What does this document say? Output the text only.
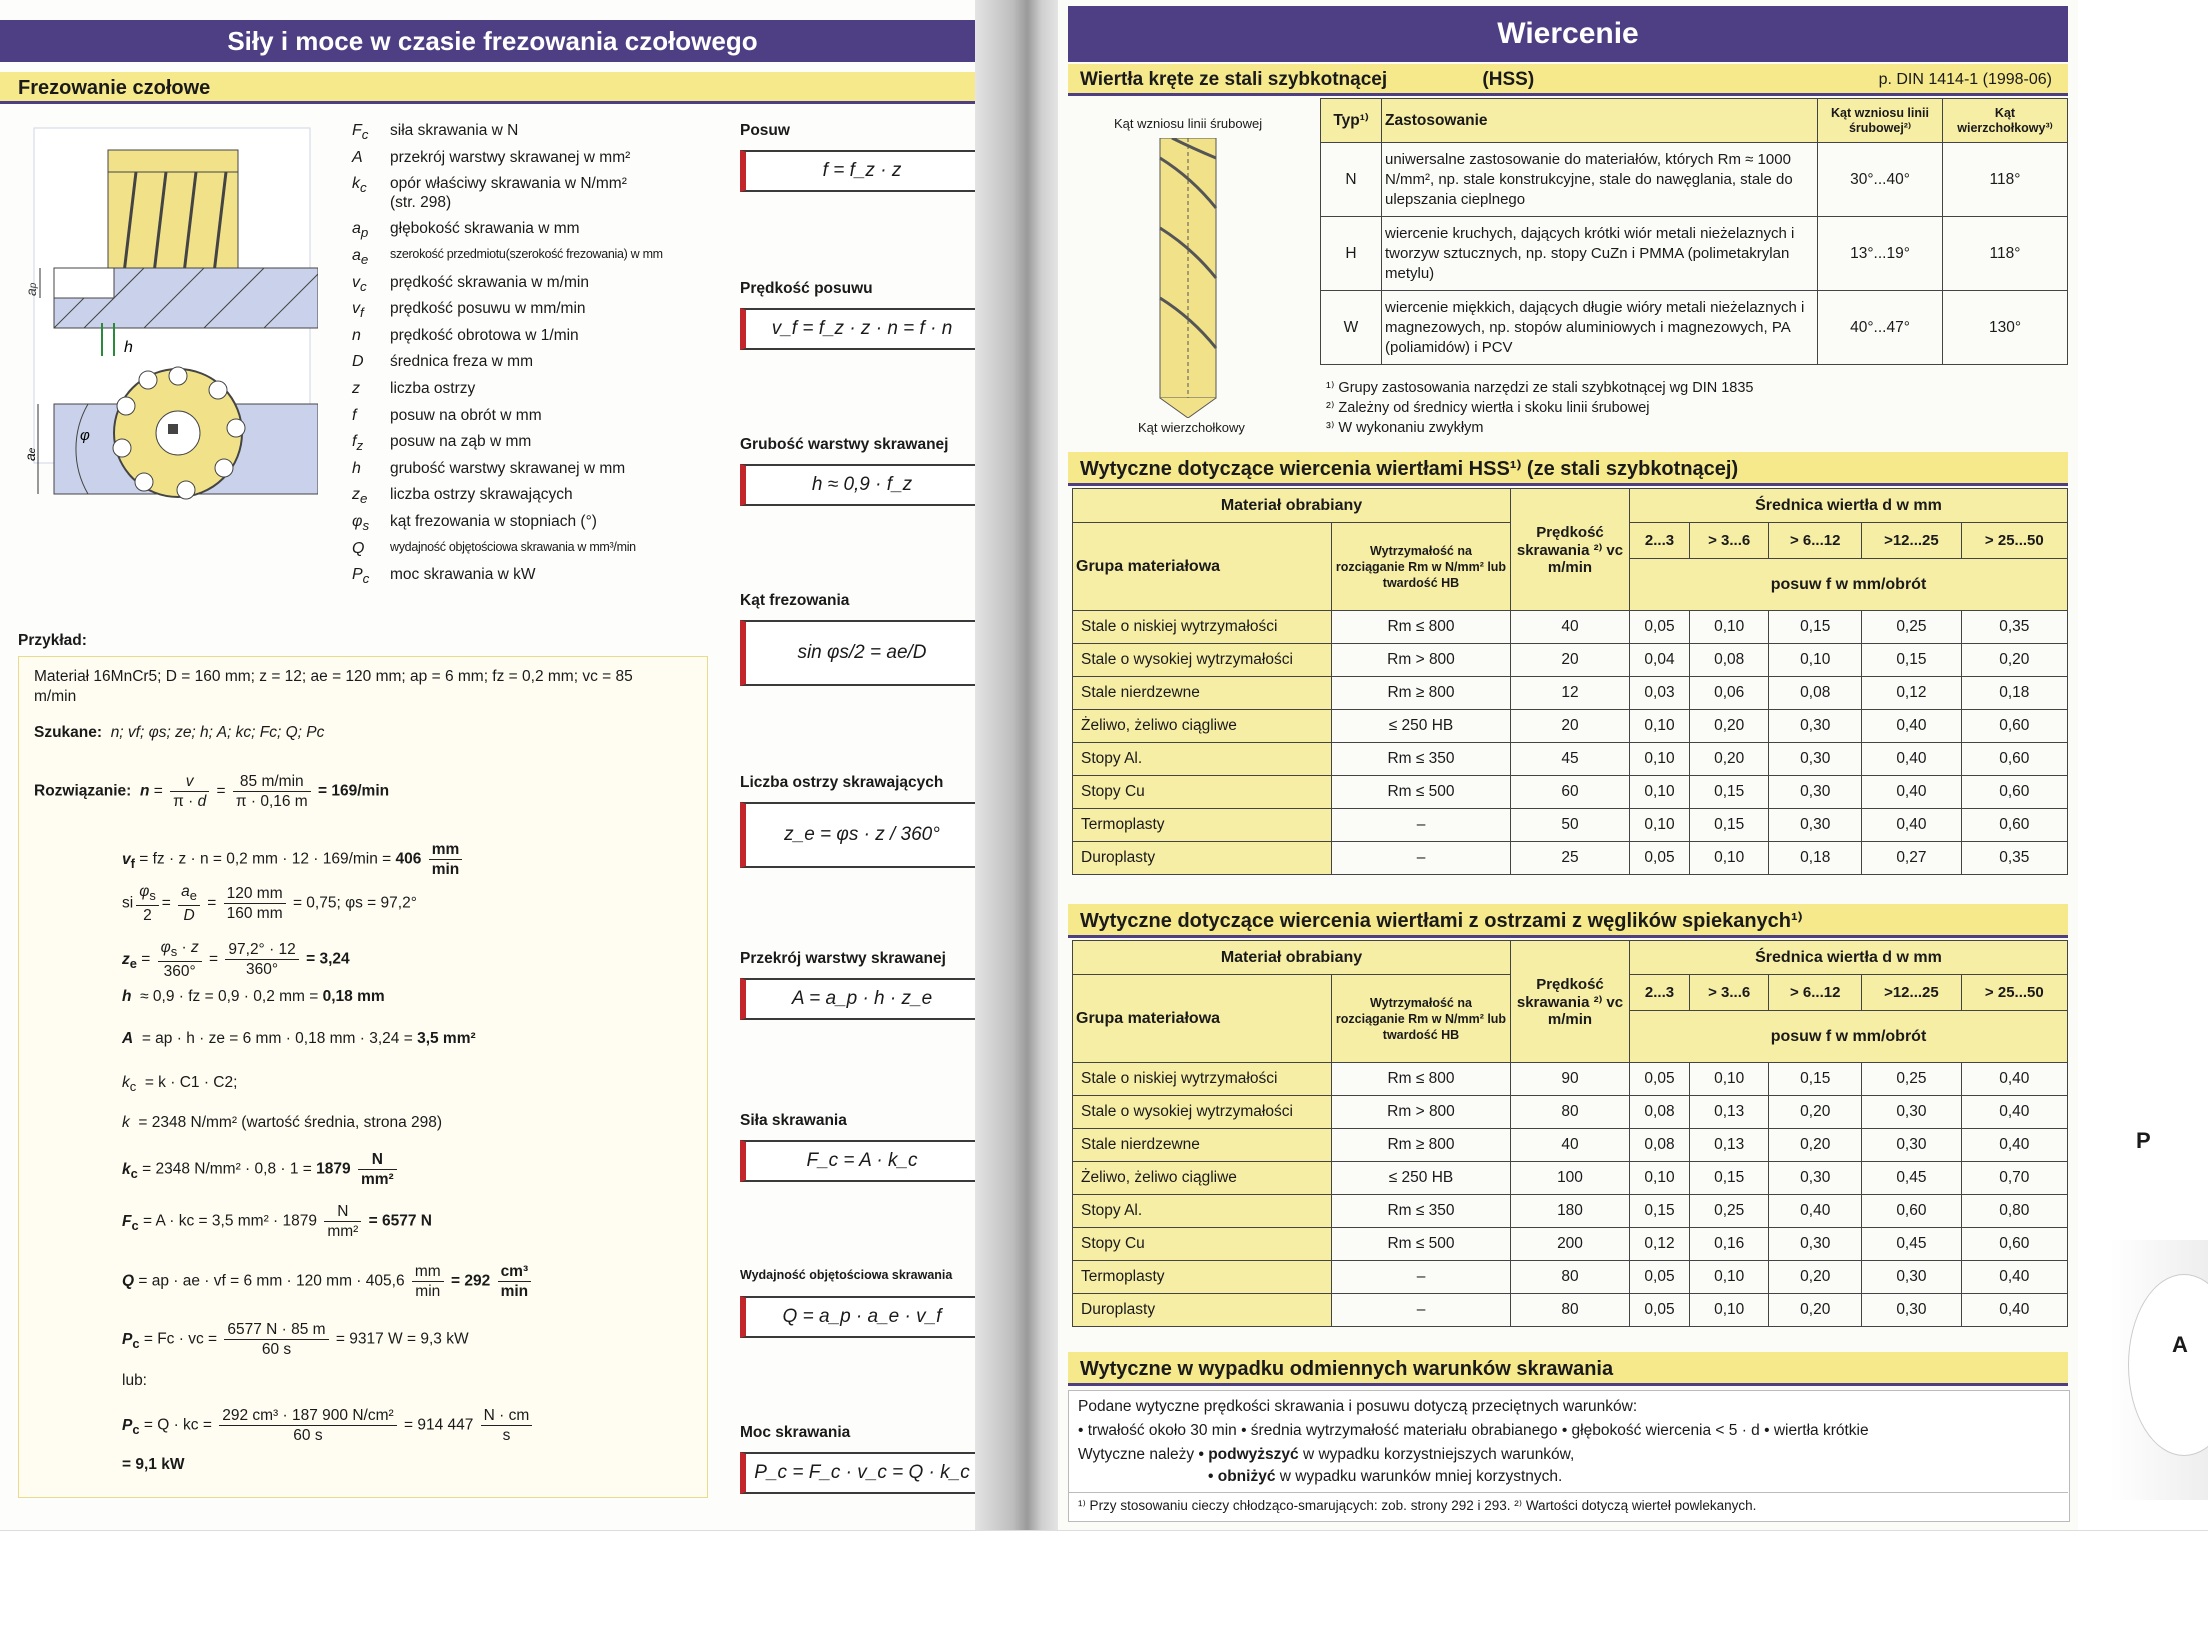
Siły i moce w czasie frezowania czołowego
Frezowanie czołowe
ap
h
ae
φ
$F_c$ siła skrawania w N
A przekrój warstwy skrawanej w mm²
$k_c$ opór właściwy skrawania w N/mm²
(str. 298)
$a_p$ głębokość skrawania w mm
$a_e$ szerokość przedmiotu(szerokość frezowania) w mm
$v_c$ prędkość skrawania w m/min
$v_f$ prędkość posuwu w mm/min
n prędkość obrotowa w 1/min
D średnica freza w mm
z liczba ostrzy
f posuw na obrót w mm
$f_z$ posuw na ząb w mm
h grubość warstwy skrawanej w mm
$z_e$ liczba ostrzy skrawających
$\varphi_s$ kąt frezowania w stopniach (°)
Q wydajność objętościowa skrawania w mm³/min
$P_c$ moc skrawania w kW
Posuw
f = f_z · z
Prędkość posuwu
v_f = f_z · z · n = f · n
Grubość warstwy skrawanej
h ≈ 0,9 · f_z
Kąt frezowania
sin φs/2 = ae/D
Liczba ostrzy skrawających
z_e = φs · z / 360°
Przekrój warstwy skrawanej
A = a_p · h · z_e
Siła skrawania
F_c = A · k_c
Wydajność objętościowa skrawania
Q = a_p · a_e · v_f
Moc skrawania
P_c = F_c · v_c = Q · k_c
Przykład:
Materiał 16MnCr5; D = 160 mm; z = 12; ae = 120 mm; ap = 6 mm; fz = 0,2 mm; vc = 85
m/min
Szukane: n; vf; φs; ze; h; A; kc; Fc; Q; Pc
Rozwiązanie: $n = \frac{v}{\pi \cdot d} = \frac{85 m/\min}{\pi \cdot 0,16 m} = 169/\min$
$v_f$ = fz · z · n = 0,2 mm · $12 \cdot 169/\min = 406 \frac{mm}{\min}$
si $\frac{\varphi_s}{2} = \frac{a_e}{D} = \frac{120 mm}{160 mm} = 0,75$; φs = 97,2°
$z_e = \frac{\varphi_s \cdot z}{360^\circ} = \frac{97,2^\circ \cdot 12}{360^\circ} = 3,24$
h ≈ 0,9 · fz = 0,9 · 0,2 mm = 0,18 mm
A = ap · h · ze = 6 mm · 0,18 mm · 3,24 = 3,5 mm²
$k_c = k \cdot C1 \cdot C2$;
k = 2348 N/mm² (wartość średnia, strona 298)
$k_c = 2348$ $N/mm^2 \cdot 0,8 \cdot 1 = 1879 \frac{N}{\text{mm²}}$
$F_c = A$ · kc = 3,5 $mm^2 \cdot 1879 \frac{N}{\text{mm²}} = 6577$ N
Q = ap · ae · vf = 6 mm · 120 mm · $405,6 \frac{mm}{\min} = 292 \frac{\text{cm³}}{\min}$
$P_c = Fc$ · vc = $\frac{6577 N \cdot 85 m}{60 s} = 9317$ W = 9,3 kW
lub:
$P_c = Q$ · kc = $\frac{\text{292 cm³ · 187 900 N/cm²}}{60 s} = 914$ $447 \frac{N \cdot cm}{s}$
= 9,1 kW
Wiercenie
Wiertła kręte ze stali szybkotnącej	(HSS)	p. DIN 1414-1 (1998-06)
Kąt wzniosu linii śrubowej
Kąt wierzchołkowy
Typ¹⁾	Zastosowanie	Kąt wzniosu linii śrubowej²⁾	Kąt wierzchołkowy³⁾
N	uniwersalne zastosowanie do materiałów, których Rm ≈ 1000 N/mm², np. stale konstrukcyjne, stale do nawęglania, stale do ulepszania cieplnego	30°...40°	118°
H	wiercenie kruchych, dających krótki wiór metali nieżelaznych i tworzyw sztucznych, np. stopy CuZn i PMMA (polimetakrylan metylu)	13°...19°	118°
W	wiercenie miękkich, dających długie wióry metali nieżelaznych i magnezowych, np. stopów aluminiowych i magnezowych, PA (poliamidów) i PCV	40°...47°	130°
¹⁾ Grupy zastosowania narzędzi ze stali szybkotnącej wg DIN 1835
²⁾ Zależny od średnicy wiertła i skoku linii śrubowej
³⁾ W wykonaniu zwykłym
Wytyczne dotyczące wiercenia wiertłami HSS¹⁾ (ze stali szybkotnącej)
Materiał obrabiany		Prędkość skrawania ²⁾ vc m/min	Średnica wiertła d w mm				
Grupa materiałowa	Wytrzymałość na rozciąganie Rm w N/mm² lub twardość HB		2...3	> 3...6	> 6...12	>12...25	> 25...50
			posuw f w mm/obrót				
Stale o niskiej wytrzymałości	Rm ≤ 800	40	0,05	0,10	0,15	0,25	0,35
Stale o wysokiej wytrzymałości	Rm > 800	20	0,04	0,08	0,10	0,15	0,20
Stale nierdzewne	Rm ≥ 800	12	0,03	0,06	0,08	0,12	0,18
Żeliwo, żeliwo ciągliwe	≤ 250 HB	20	0,10	0,20	0,30	0,40	0,60
Stopy Al.	Rm ≤ 350	45	0,10	0,20	0,30	0,40	0,60
Stopy Cu	Rm ≤ 500	60	0,10	0,15	0,30	0,40	0,60
Termoplasty	–	50	0,10	0,15	0,30	0,40	0,60
Duroplasty	–	25	0,05	0,10	0,18	0,27	0,35
Wytyczne dotyczące wiercenia wiertłami z ostrzami z węglików spiekanych¹⁾
Materiał obrabiany		Prędkość skrawania ²⁾ vc m/min	Średnica wiertła d w mm				
Grupa materiałowa	Wytrzymałość na rozciąganie Rm w N/mm² lub twardość HB		2...3	> 3...6	> 6...12	>12...25	> 25...50
			posuw f w mm/obrót				
Stale o niskiej wytrzymałości	Rm ≤ 800	90	0,05	0,10	0,15	0,25	0,40
Stale o wysokiej wytrzymałości	Rm > 800	80	0,08	0,13	0,20	0,30	0,40
Stale nierdzewne	Rm ≥ 800	40	0,08	0,13	0,20	0,30	0,40
Żeliwo, żeliwo ciągliwe	≤ 250 HB	100	0,10	0,15	0,30	0,45	0,70
Stopy Al.	Rm ≤ 350	180	0,15	0,25	0,40	0,60	0,80
Stopy Cu	Rm ≤ 500	200	0,12	0,16	0,30	0,45	0,60
Termoplasty	–	80	0,05	0,10	0,20	0,30	0,40
Duroplasty	–	80	0,05	0,10	0,20	0,30	0,40
Wytyczne w wypadku odmiennych warunków skrawania
Podane wytyczne prędkości skrawania i posuwu dotyczą przeciętnych warunków:
• trwałość około 30 min • średnia wytrzymałość materiału obrabianego • głębokość wiercenia < 5 · d • wiertła krótkie
Wytyczne należy • podwyższyć w wypadku korzystniejszych warunków,
• obniżyć w wypadku warunków mniej korzystnych.
¹⁾ Przy stosowaniu cieczy chłodząco-smarujących: zob. strony 292 i 293. ²⁾ Wartości dotyczą wierteł powlekanych.
P
A
